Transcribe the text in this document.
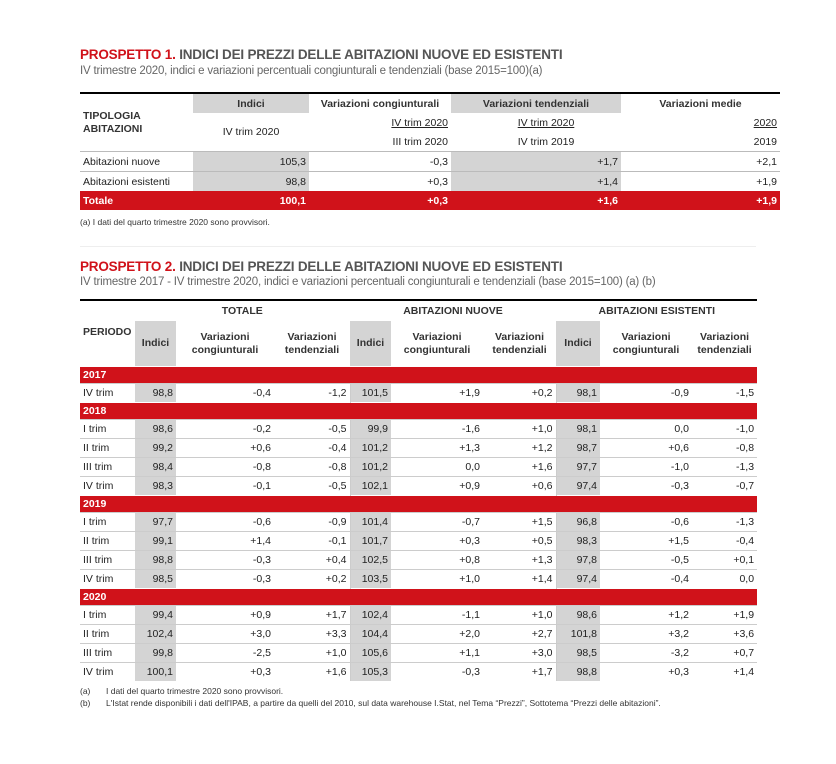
PROSPETTO 1. INDICI DEI PREZZI DELLE ABITAZIONI NUOVE ED ESISTENTI
IV trimestre 2020, indici e variazioni percentuali congiunturali e tendenziali (base 2015=100)(a)
TIPOLOGIA ABITAZIONI	Indici	Variazioni congiunturali	Variazioni tendenziali		Variazioni medie
	IV trim 2020	IV trim 2020		IV trim 2020	2020
		III trim 2020		IV trim 2019	2019
Abitazioni nuove	105,3	-0,3		+1,7	+2,1
Abitazioni esistenti	98,8	+0,3		+1,4	+1,9
Totale	100,1	+0,3		+1,6	+1,9
(a) I dati del quarto trimestre 2020 sono provvisori.
PROSPETTO 2. INDICI DEI PREZZI DELLE ABITAZIONI NUOVE ED ESISTENTI
IV trimestre 2017 - IV trimestre 2020, indici e variazioni percentuali congiunturali e tendenziali (base 2015=100) (a) (b)
	TOTALE			ABITAZIONI NUOVE			ABITAZIONI ESISTENTI		
PERIODO	Indici	Variazioni congiunturali	Variazioni tendenziali	Indici	Variazioni congiunturali	Variazioni tendenziali	Indici	Variazioni congiunturali	Variazioni tendenziali
2017									
IV trim	98,8	-0,4	-1,2	101,5	+1,9	+0,2	98,1	-0,9	-1,5
2018									
I trim	98,6	-0,2	-0,5	99,9	-1,6	+1,0	98,1	0,0	-1,0
II trim	99,2	+0,6	-0,4	101,2	+1,3	+1,2	98,7	+0,6	-0,8
III trim	98,4	-0,8	-0,8	101,2	0,0	+1,6	97,7	-1,0	-1,3
IV trim	98,3	-0,1	-0,5	102,1	+0,9	+0,6	97,4	-0,3	-0,7
2019									
I trim	97,7	-0,6	-0,9	101,4	-0,7	+1,5	96,8	-0,6	-1,3
II trim	99,1	+1,4	-0,1	101,7	+0,3	+0,5	98,3	+1,5	-0,4
III trim	98,8	-0,3	+0,4	102,5	+0,8	+1,3	97,8	-0,5	+0,1
IV trim	98,5	-0,3	+0,2	103,5	+1,0	+1,4	97,4	-0,4	0,0
2020									
I trim	99,4	+0,9	+1,7	102,4	-1,1	+1,0	98,6	+1,2	+1,9
II trim	102,4	+3,0	+3,3	104,4	+2,0	+2,7	101,8	+3,2	+3,6
III trim	99,8	-2,5	+1,0	105,6	+1,1	+3,0	98,5	-3,2	+0,7
IV trim	100,1	+0,3	+1,6	105,3	-0,3	+1,7	98,8	+0,3	+1,4
(a) I dati del quarto trimestre 2020 sono provvisori.
(b) L'Istat rende disponibili i dati dell'IPAB, a partire da quelli del 2010, sul data warehouse I.Stat, nel Tema “Prezzi”, Sottotema “Prezzi delle abitazioni”.
